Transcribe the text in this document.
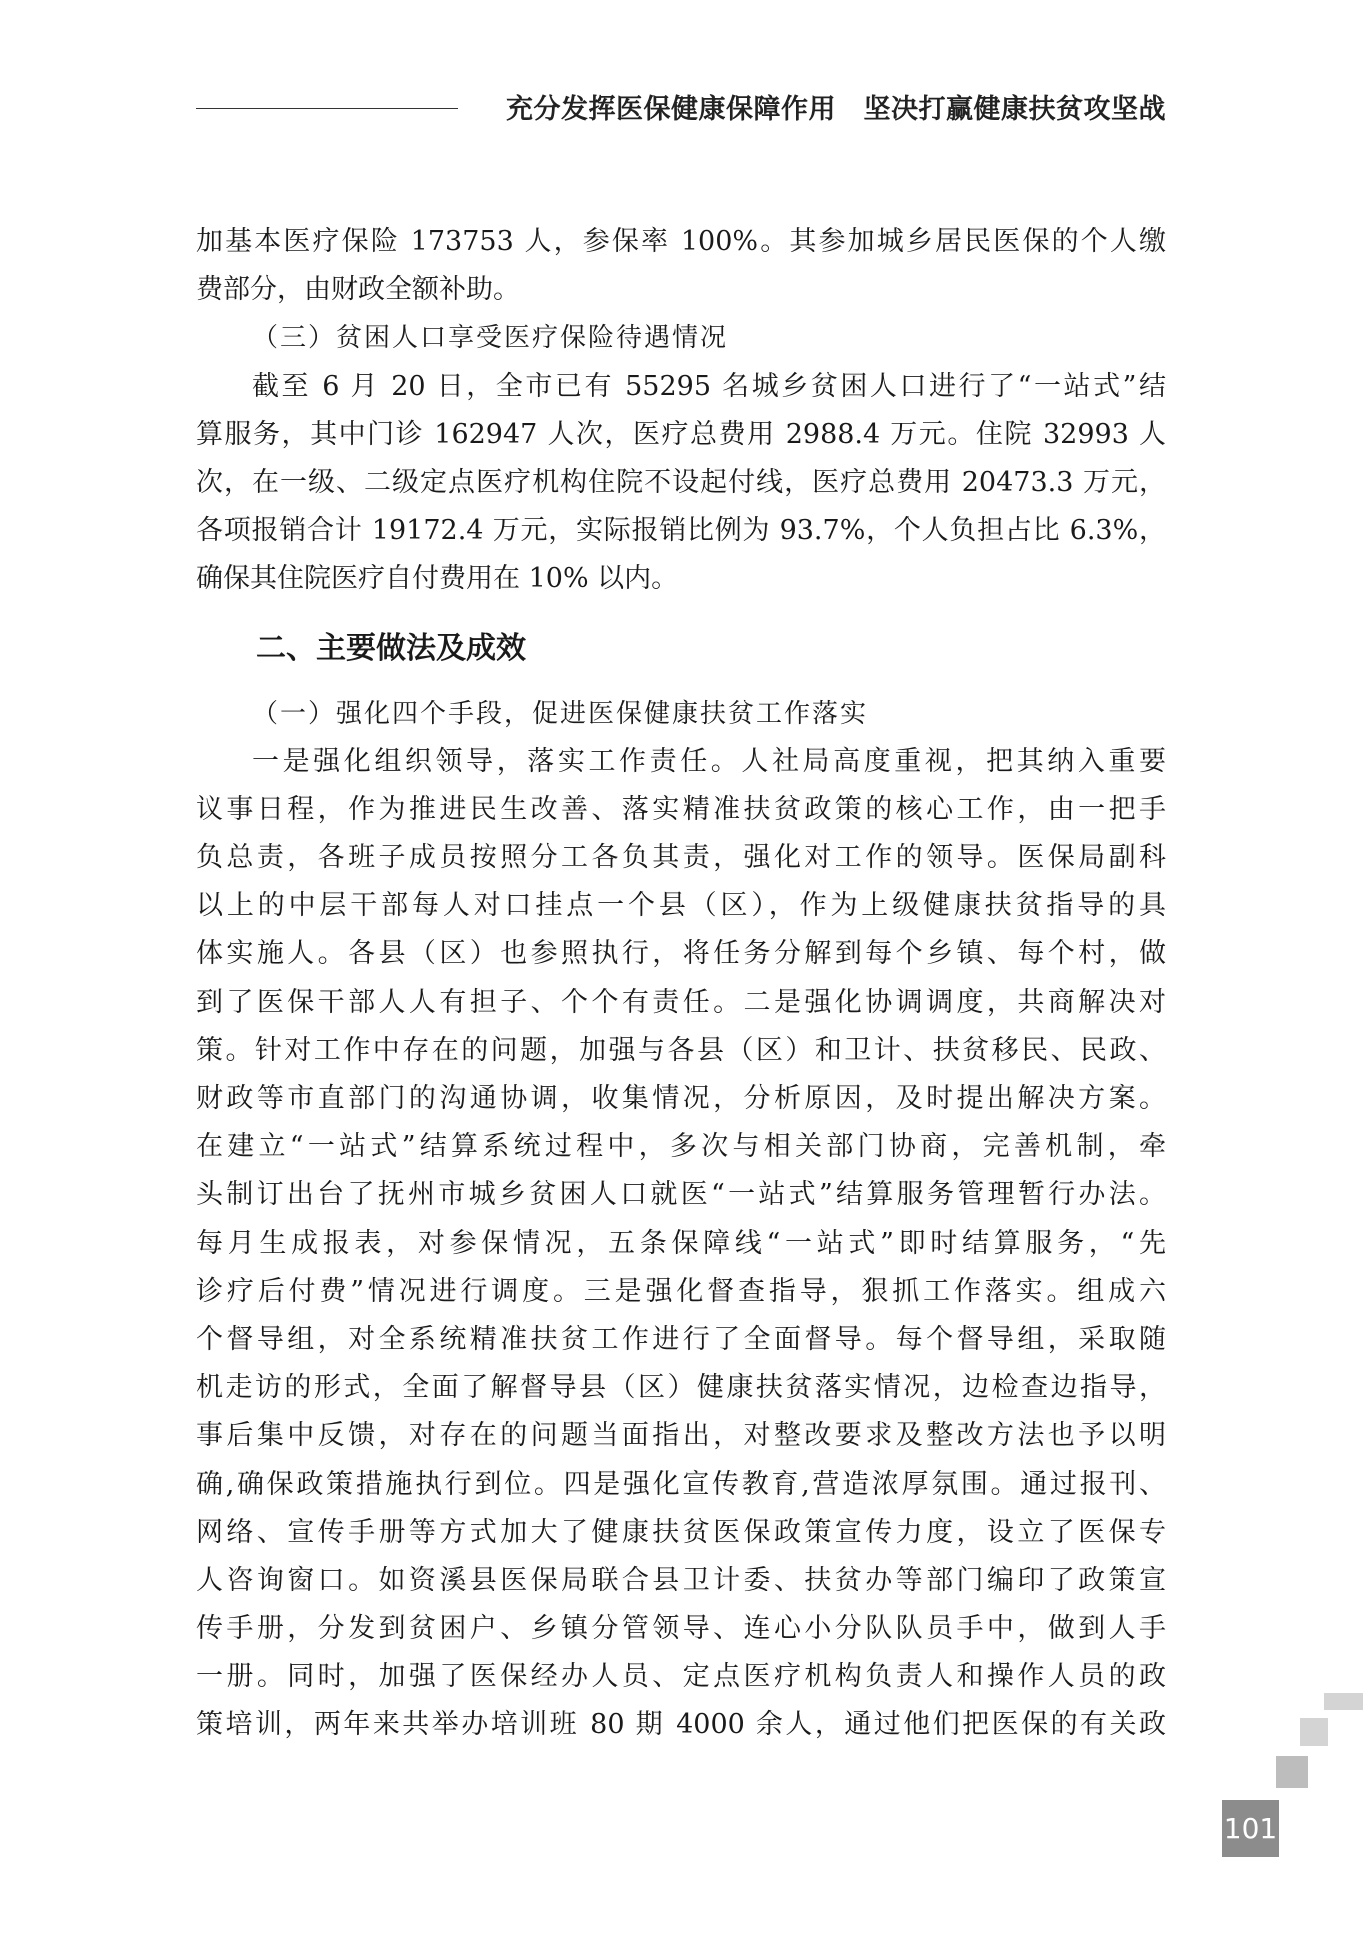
充分发挥医保健康保障作用　坚决打赢健康扶贫攻坚战
加基本医疗保险 173753 人，参保率 100%。其参加城乡居民医保的个人缴
费部分，由财政全额补助。
（三）贫困人口享受医疗保险待遇情况
截至 6 月 20 日，全市已有 55295 名城乡贫困人口进行了“一站式”结
算服务，其中门诊 162947 人次，医疗总费用 2988.4 万元。住院 32993 人
次，在一级、二级定点医疗机构住院不设起付线，医疗总费用 20473.3 万元，
各项报销合计 19172.4 万元，实际报销比例为 93.7%，个人负担占比 6.3%，
确保其住院医疗自付费用在 10% 以内。
二、主要做法及成效
（一）强化四个手段，促进医保健康扶贫工作落实
一是强化组织领导，落实工作责任。人社局高度重视，把其纳入重要
议事日程，作为推进民生改善、落实精准扶贫政策的核心工作，由一把手
负总责，各班子成员按照分工各负其责，强化对工作的领导。医保局副科
以上的中层干部每人对口挂点一个县（区），作为上级健康扶贫指导的具
体实施人。各县（区）也参照执行，将任务分解到每个乡镇、每个村，做
到了医保干部人人有担子、个个有责任。二是强化协调调度，共商解决对
策。针对工作中存在的问题，加强与各县（区）和卫计、扶贫移民、民政、
财政等市直部门的沟通协调，收集情况，分析原因，及时提出解决方案。
在建立“一站式”结算系统过程中，多次与相关部门协商，完善机制，牵
头制订出台了抚州市城乡贫困人口就医“一站式”结算服务管理暂行办法。
每月生成报表，对参保情况，五条保障线“一站式”即时结算服务，“先
诊疗后付费”情况进行调度。三是强化督查指导，狠抓工作落实。组成六
个督导组，对全系统精准扶贫工作进行了全面督导。每个督导组，采取随
机走访的形式，全面了解督导县（区）健康扶贫落实情况，边检查边指导，
事后集中反馈，对存在的问题当面指出，对整改要求及整改方法也予以明
确,确保政策措施执行到位。四是强化宣传教育,营造浓厚氛围。通过报刊、
网络、宣传手册等方式加大了健康扶贫医保政策宣传力度，设立了医保专
人咨询窗口。如资溪县医保局联合县卫计委、扶贫办等部门编印了政策宣
传手册，分发到贫困户、乡镇分管领导、连心小分队队员手中，做到人手
一册。同时，加强了医保经办人员、定点医疗机构负责人和操作人员的政
策培训，两年来共举办培训班 80 期 4000 余人，通过他们把医保的有关政
101
